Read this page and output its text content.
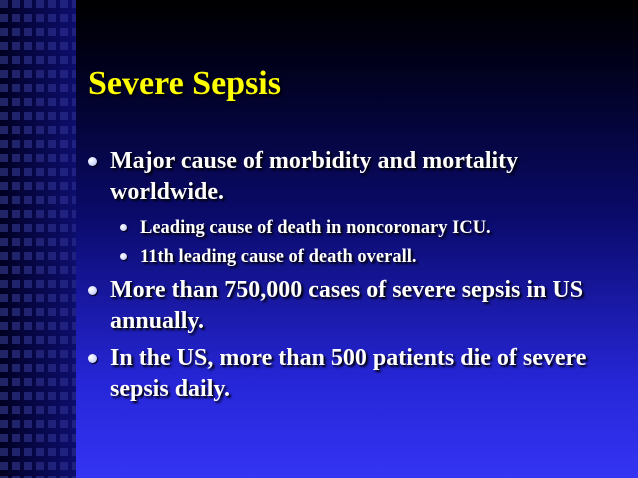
Severe Sepsis
Major cause of morbidity and mortality worldwide.
Leading cause of death in noncoronary ICU.
11th leading cause of death overall.
More than 750,000 cases of severe sepsis in US annually.
In the US, more than 500 patients die of severe sepsis daily.
